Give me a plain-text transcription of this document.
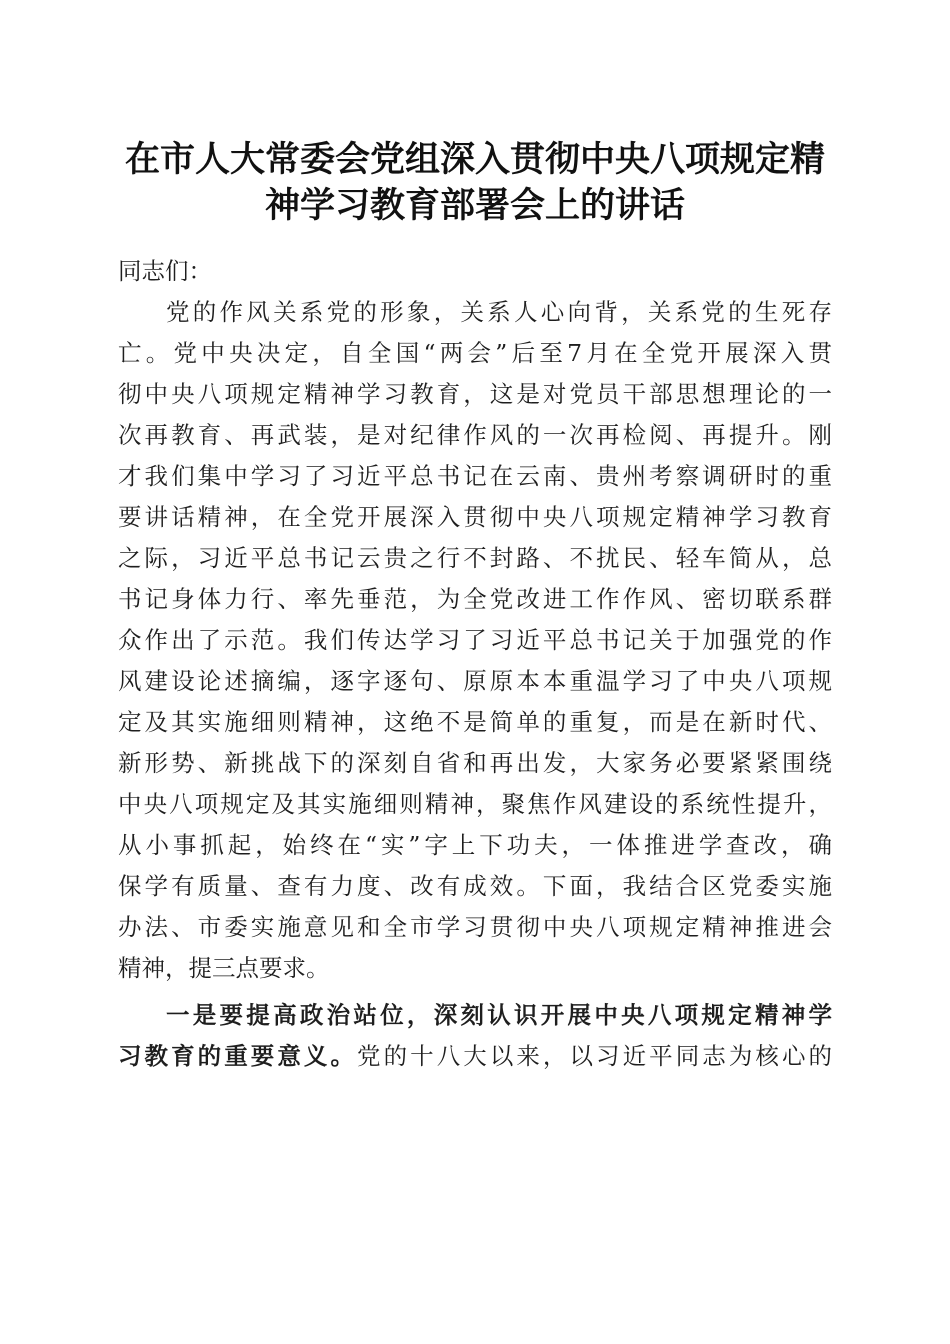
在市人大常委会党组深入贯彻中央八项规定精
神学习教育部署会上的讲话
同志们：
党的作风关系党的形象，关系人心向背，关系党的生死存
亡。党中央决定，自全国“两会”后至7月在全党开展深入贯
彻中央八项规定精神学习教育，这是对党员干部思想理论的一
次再教育、再武装，是对纪律作风的一次再检阅、再提升。刚
才我们集中学习了习近平总书记在云南、贵州考察调研时的重
要讲话精神，在全党开展深入贯彻中央八项规定精神学习教育
之际，习近平总书记云贵之行不封路、不扰民、轻车简从，总
书记身体力行、率先垂范，为全党改进工作作风、密切联系群
众作出了示范。我们传达学习了习近平总书记关于加强党的作
风建设论述摘编，逐字逐句、原原本本重温学习了中央八项规
定及其实施细则精神，这绝不是简单的重复，而是在新时代、
新形势、新挑战下的深刻自省和再出发，大家务必要紧紧围绕
中央八项规定及其实施细则精神，聚焦作风建设的系统性提升，
从小事抓起，始终在“实”字上下功夫，一体推进学查改，确
保学有质量、查有力度、改有成效。下面，我结合区党委实施
办法、市委实施意见和全市学习贯彻中央八项规定精神推进会
精神，提三点要求。
一是要提高政治站位，深刻认识开展中央八项规定精神学
习教育的重要意义。党的十八大以来，以习近平同志为核心的
